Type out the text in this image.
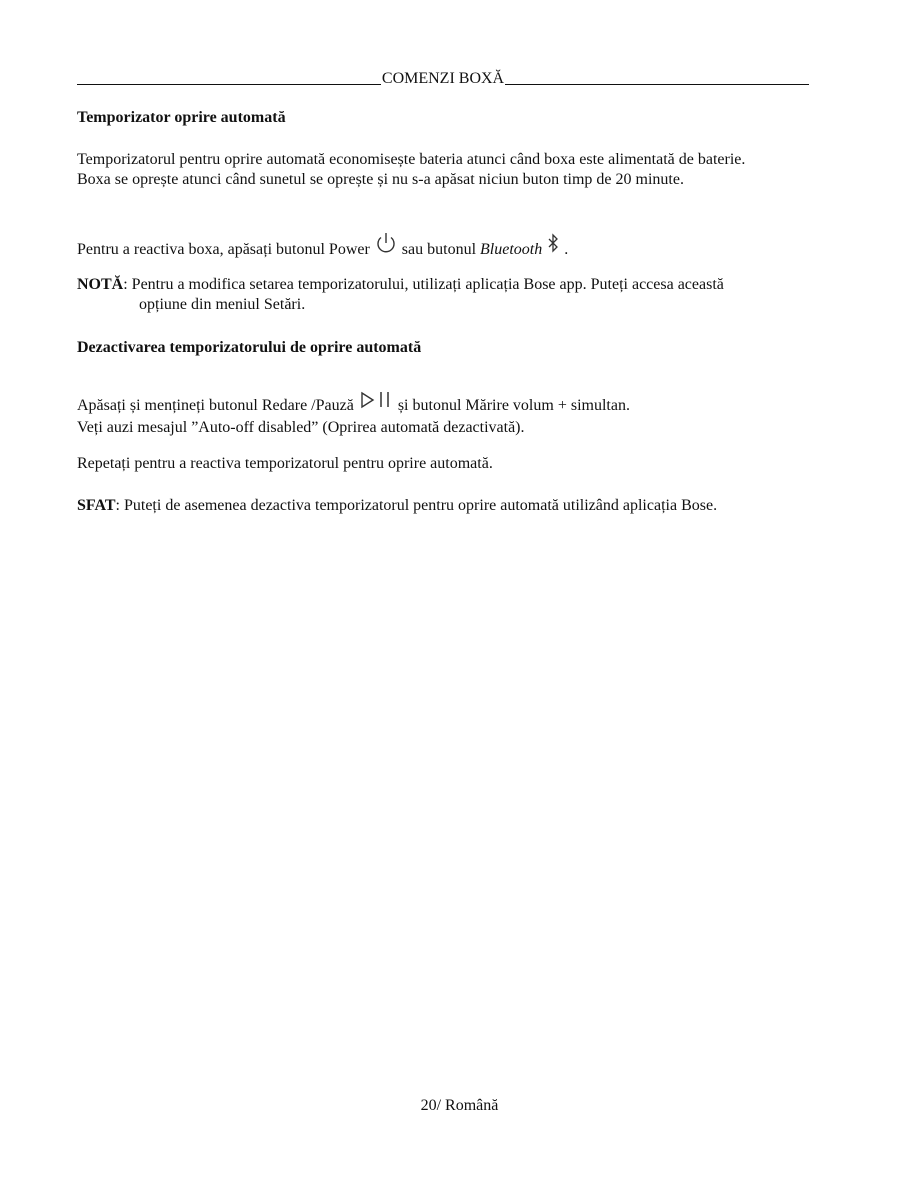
COMENZI BOXĂ
Temporizator oprire automată
Temporizatorul pentru oprire automată economisește bateria atunci când boxa este alimentată de baterie.
Boxa se oprește atunci când sunetul se oprește și nu s-a apăsat niciun buton timp de 20 minute.
Pentru a reactiva boxa, apăsați butonul Power  sau butonul Bluetooth  .
NOTĂ: Pentru a modifica setarea temporizatorului, utilizați aplicația Bose app. Puteți accesa această
opțiune din meniul Setări.
Dezactivarea temporizatorului de oprire automată
Apăsați și mențineți butonul Redare /Pauză	și butonul Mărire volum + simultan.
Veți auzi mesajul ”Auto-off disabled” (Oprirea automată dezactivată).
Repetați pentru a reactiva temporizatorul pentru oprire automată.
SFAT: Puteți de asemenea dezactiva temporizatorul pentru oprire automată utilizând aplicația Bose.
20/ Română
